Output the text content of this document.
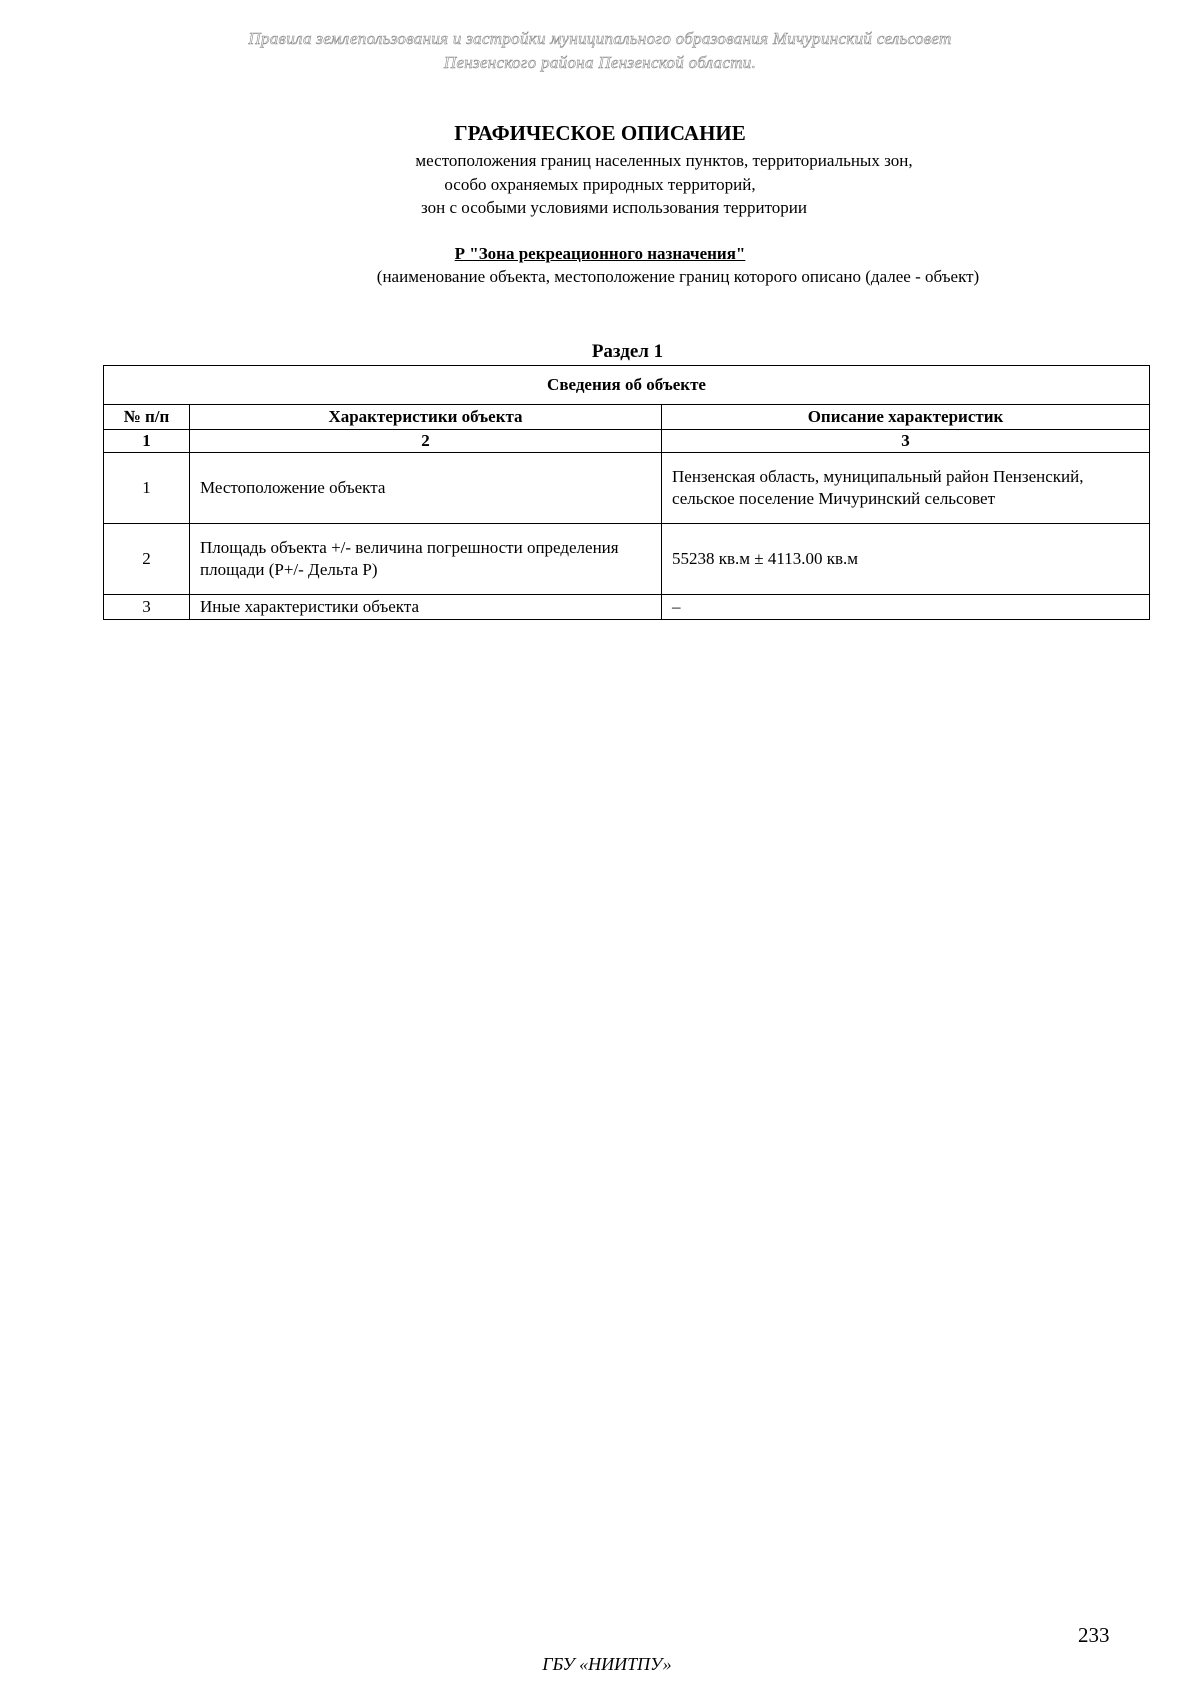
Правила землепользования и застройки муниципального образования Мичуринский сельсовет
Пензенского района Пензенской области.
ГРАФИЧЕСКОЕ ОПИСАНИЕ
местоположения границ населенных пунктов, территориальных зон,
особо охраняемых природных территорий,
зон с особыми условиями использования территории
Р "Зона рекреационного назначения"
(наименование объекта, местоположение границ которого описано (далее - объект)
Раздел 1
Сведения об объекте		
№ п/п	Характеристики объекта	Описание характеристик
1	2	3
1	Местоположение объекта	Пензенская область, муниципальный район Пензенский, сельское поселение Мичуринский сельсовет
2	Площадь объекта +/- величина погрешности определения площади (Р+/- Дельта Р)	55238 кв.м ± 4113.00 кв.м
3	Иные характеристики объекта	–
233
ГБУ «НИИТПУ»
